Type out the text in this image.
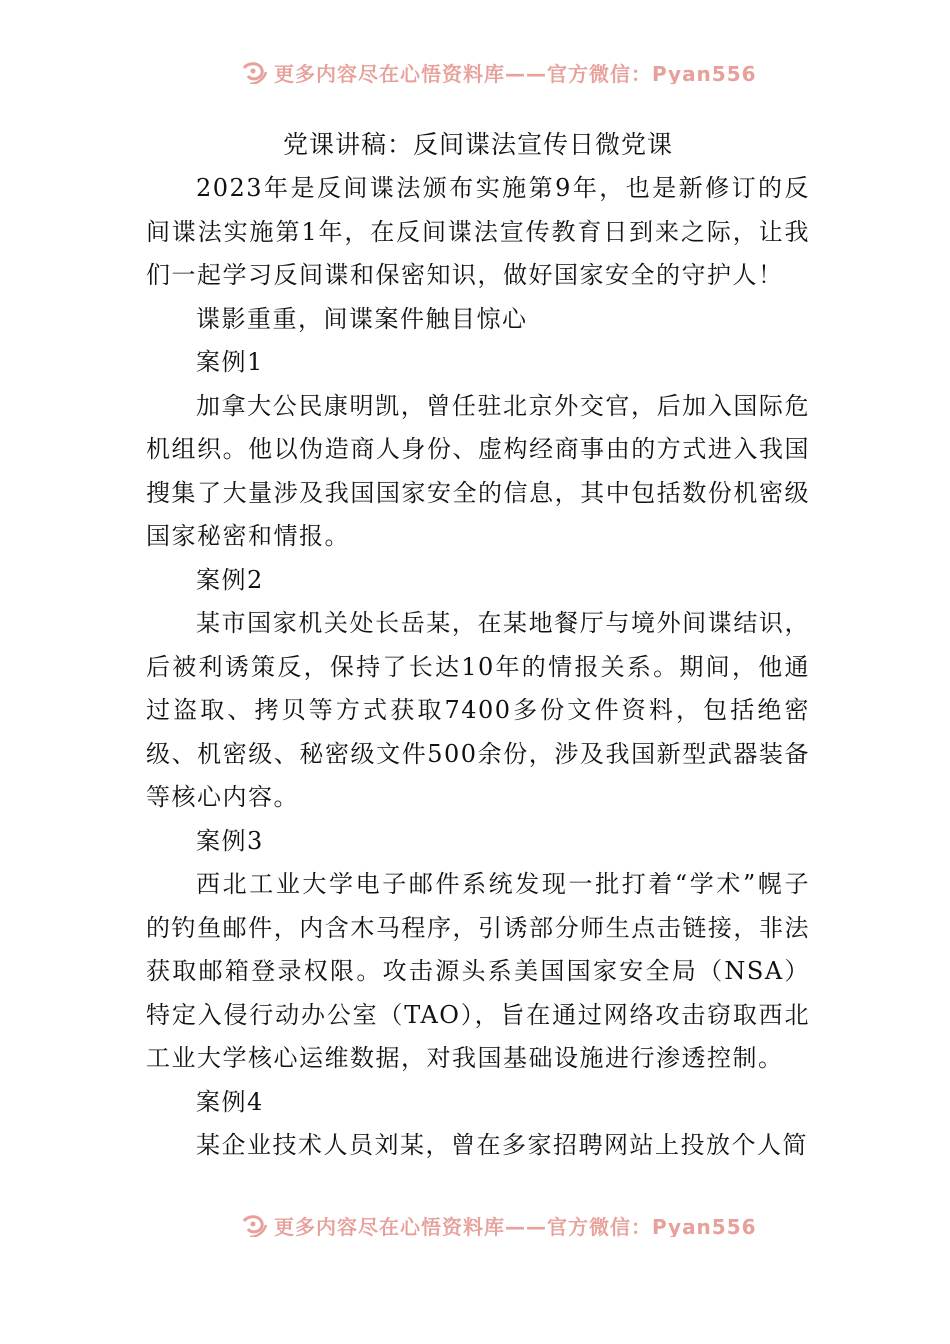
更多内容尽在心悟资料库——官方微信：Pyan556
党课讲稿：反间谍法宣传日微党课

2023年是反间谍法颁布实施第9年，也是新修订的反间谍法实施第1年，在反间谍法宣传教育日到来之际，让我们一起学习反间谍和保密知识，做好国家安全的守护人！

谍影重重，间谍案件触目惊心

案例1

加拿大公民康明凯，曾任驻北京外交官，后加入国际危机组织。他以伪造商人身份、虚构经商事由的方式进入我国搜集了大量涉及我国国家安全的信息，其中包括数份机密级国家秘密和情报。

案例2

某市国家机关处长岳某，在某地餐厅与境外间谍结识，后被利诱策反，保持了长达10年的情报关系。期间，他通过盗取、拷贝等方式获取7400多份文件资料，包括绝密级、机密级、秘密级文件500余份，涉及我国新型武器装备等核心内容。

案例3

西北工业大学电子邮件系统发现一批打着“学术”幌子的钓鱼邮件，内含木马程序，引诱部分师生点击链接，非法获取邮箱登录权限。攻击源头系美国国家安全局（NSA）特定入侵行动办公室（TAO），旨在通过网络攻击窃取西北工业大学核心运维数据，对我国基础设施进行渗透控制。

案例4

某企业技术人员刘某，曾在多家招聘网站上投放个人简

更多内容尽在心悟资料库——官方微信：Pyan556
